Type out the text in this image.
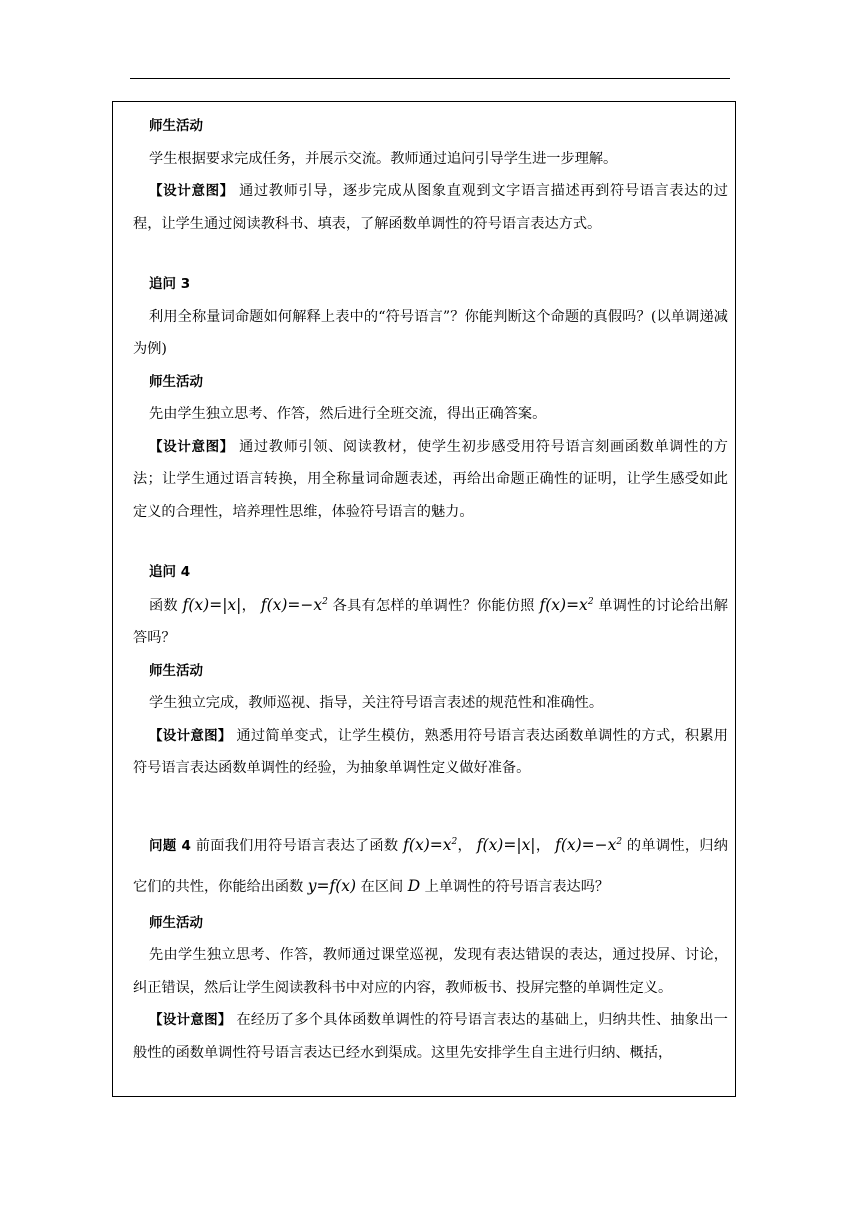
师生活动

学生根据要求完成任务，并展示交流。教师通过追问引导学生进一步理解。

【设计意图】 通过教师引导，逐步完成从图象直观到文字语言描述再到符号语言表达的过程，让学生通过阅读教科书、填表，了解函数单调性的符号语言表达方式。

追问 3

利用全称量词命题如何解释上表中的“符号语言”？你能判断这个命题的真假吗？(以单调递减为例)

师生活动

先由学生独立思考、作答，然后进行全班交流，得出正确答案。

【设计意图】 通过教师引领、阅读教材，使学生初步感受用符号语言刻画函数单调性的方法；让学生通过语言转换，用全称量词命题表述，再给出命题正确性的证明，让学生感受如此定义的合理性，培养理性思维，体验符号语言的魅力。

追问 4

函数 f(x)=|x|， $f(x)=-x^2$ 各具有怎样的单调性？你能仿照 $f(x)=x^2$ 单调性的讨论给出解答吗？

师生活动

学生独立完成，教师巡视、指导，关注符号语言表述的规范性和准确性。

【设计意图】 通过简单变式，让学生模仿，熟悉用符号语言表达函数单调性的方式，积累用符号语言表达函数单调性的经验，为抽象单调性定义做好准备。

问题 4 前面我们用符号语言表达了函数 $f(x)=x^2$， f(x)=|x|， $f(x)=-x^2$ 的单调性，归纳它们的共性，你能给出函数 y=f(x) 在区间 D 上单调性的符号语言表达吗？

师生活动

先由学生独立思考、作答，教师通过课堂巡视，发现有表达错误的表达，通过投屏、讨论，纠正错误，然后让学生阅读教科书中对应的内容，教师板书、投屏完整的单调性定义。

【设计意图】 在经历了多个具体函数单调性的符号语言表达的基础上，归纳共性、抽象出一般性的函数单调性符号语言表达已经水到渠成。这里先安排学生自主进行归纳、概括，
